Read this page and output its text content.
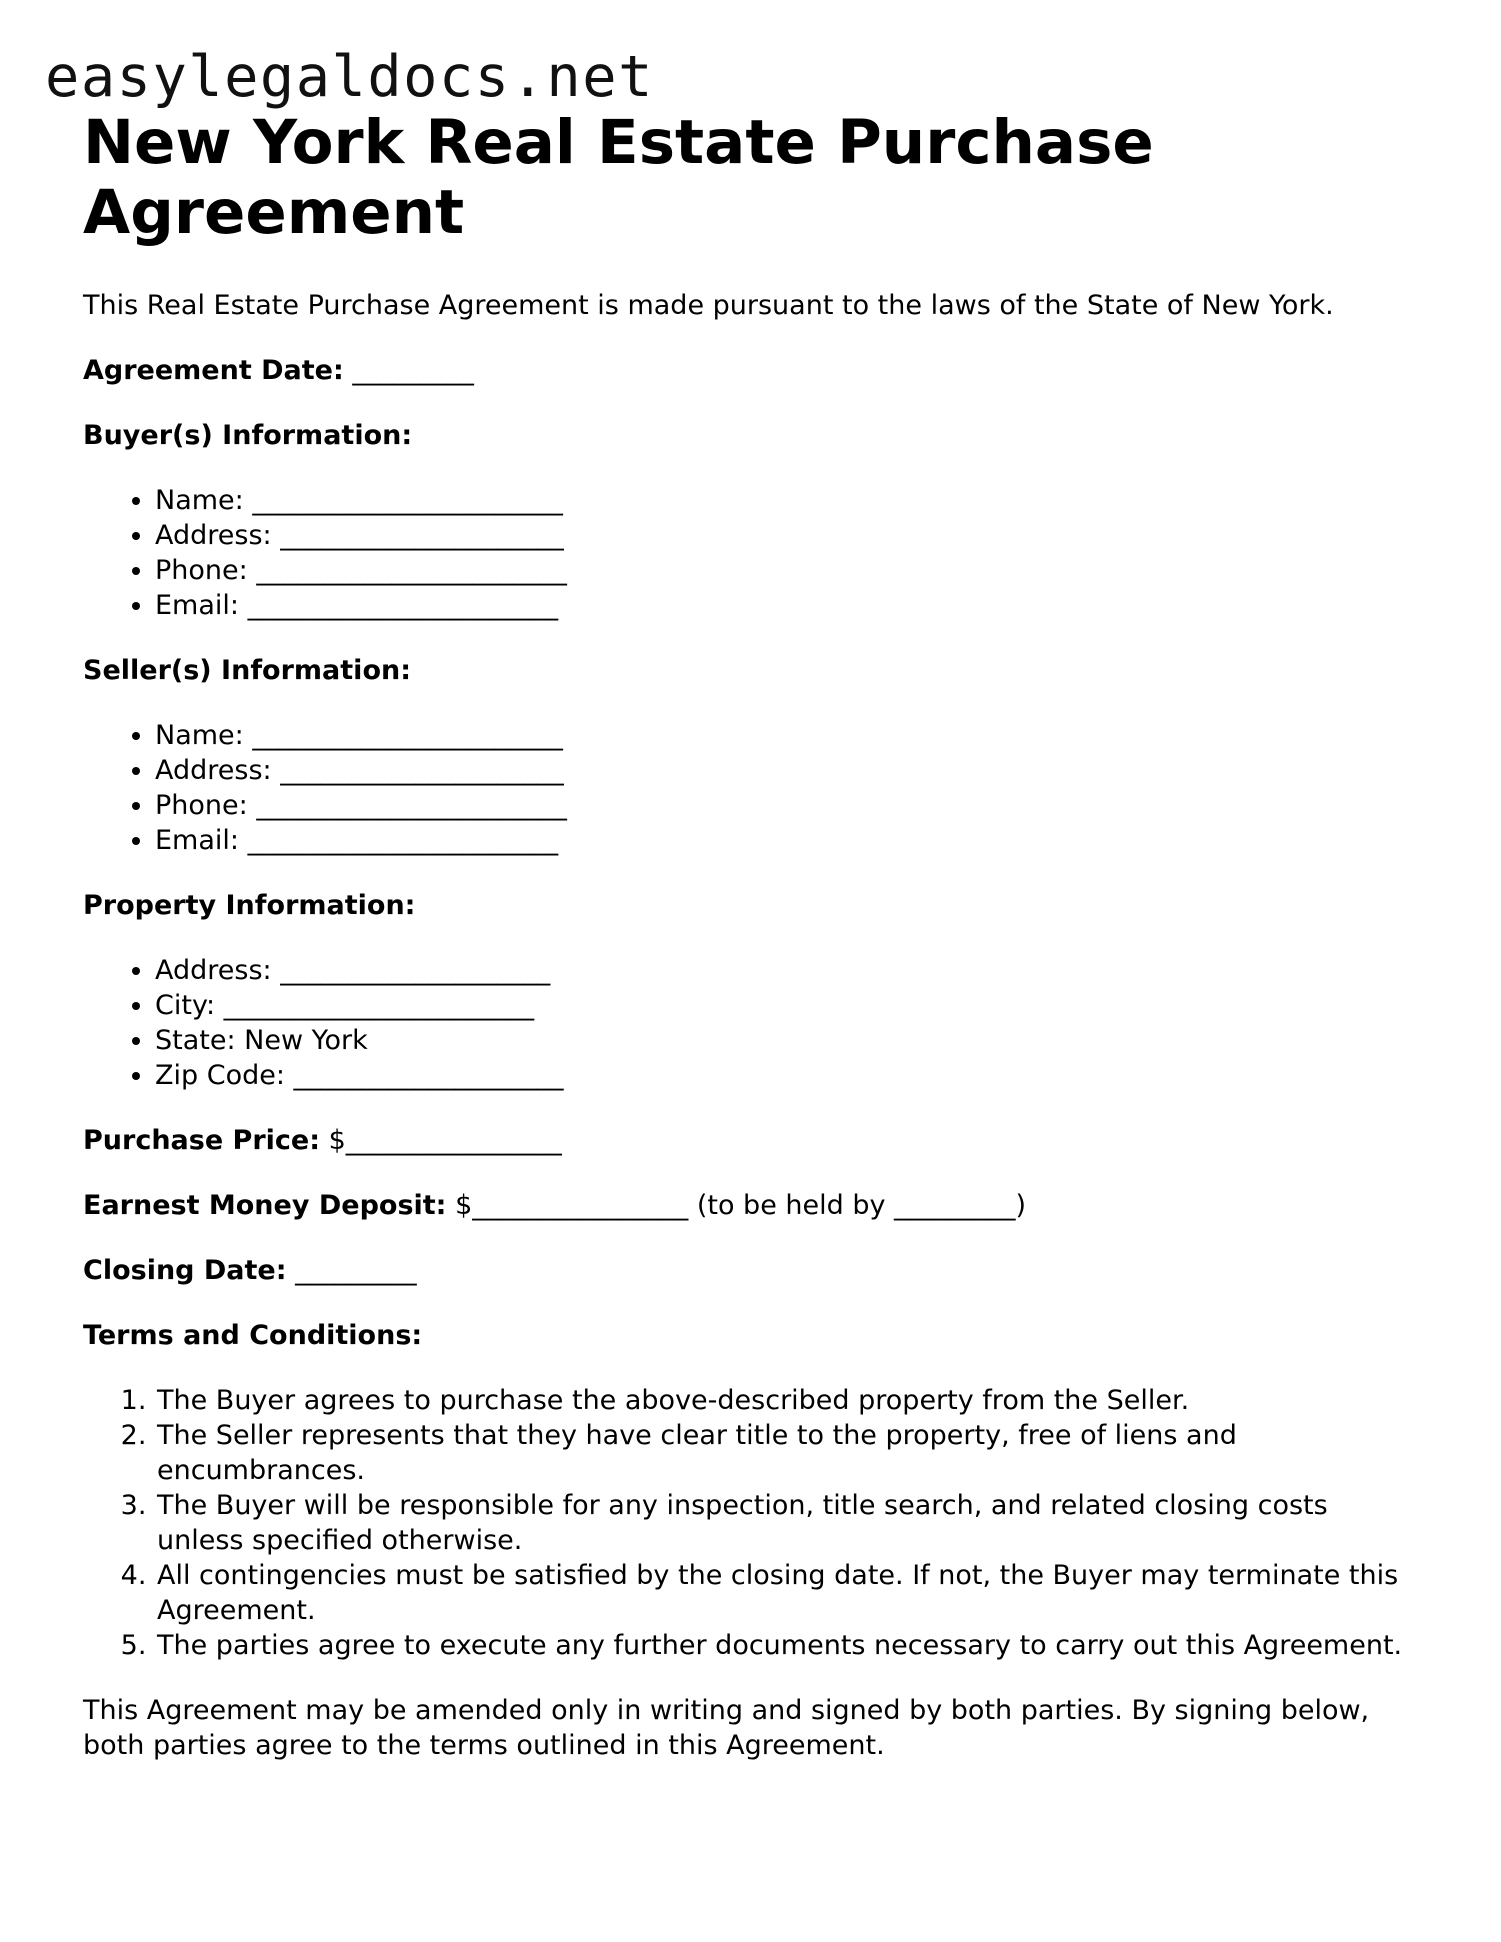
easylegaldocs.net
New York Real Estate Purchase Agreement

This Real Estate Purchase Agreement is made pursuant to the laws of the State of New York.

Agreement Date: _________

Buyer(s) Information:

• Name: _______________________
• Address: _____________________
• Phone: _______________________
• Email: _______________________

Seller(s) Information:

• Name: _______________________
• Address: _____________________
• Phone: _______________________
• Email: _______________________

Property Information:

• Address: ____________________
• City: _______________________
• State: New York
• Zip Code: ____________________

Purchase Price: $________________

Earnest Money Deposit: $________________ (to be held by _________)

Closing Date: _________

Terms and Conditions:

1. The Buyer agrees to purchase the above-described property from the Seller.
2. The Seller represents that they have clear title to the property, free of liens and encumbrances.
3. The Buyer will be responsible for any inspection, title search, and related closing costs unless specified otherwise.
4. All contingencies must be satisfied by the closing date. If not, the Buyer may terminate this Agreement.
5. The parties agree to execute any further documents necessary to carry out this Agreement.

This Agreement may be amended only in writing and signed by both parties. By signing below, both parties agree to the terms outlined in this Agreement.
